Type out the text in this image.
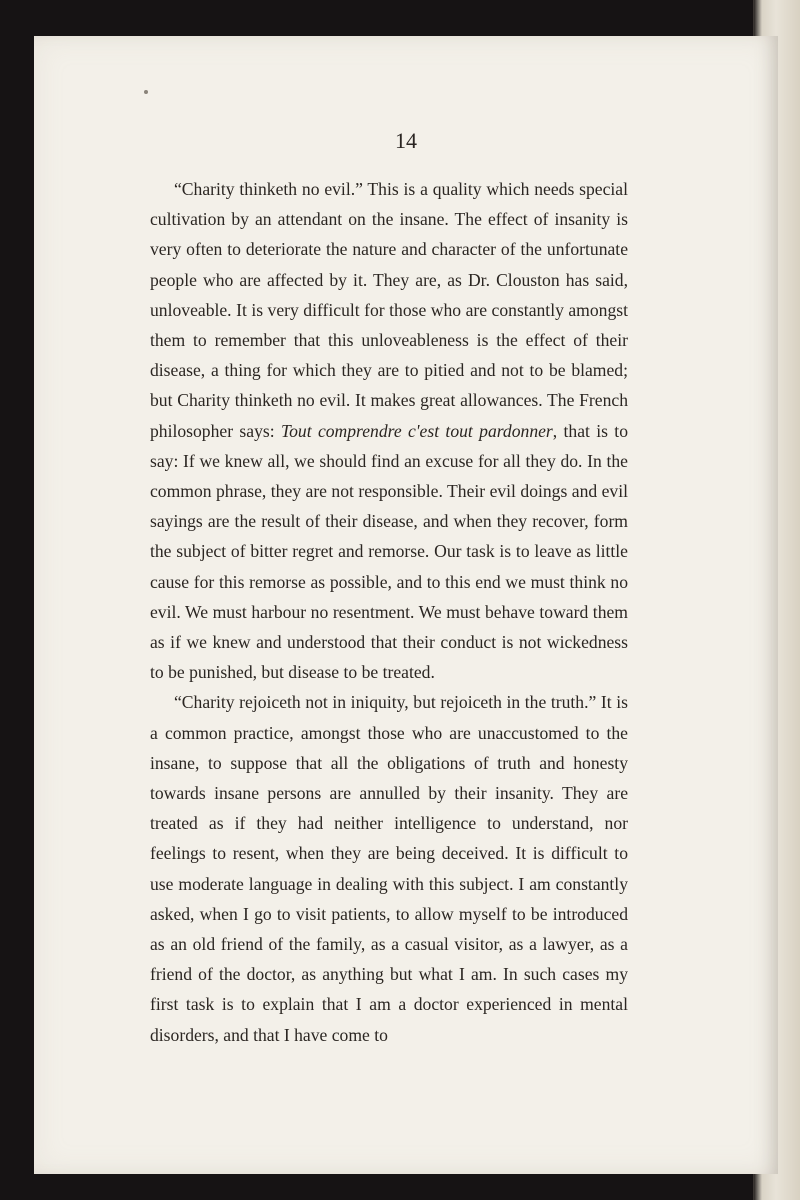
14

“Charity thinketh no evil.” This is a quality which needs special cultivation by an attendant on the insane. The effect of insanity is very often to deteriorate the nature and character of the unfortunate people who are affected by it. They are, as Dr. Clouston has said, unloveable. It is very difficult for those who are constantly amongst them to remember that this unloveableness is the effect of their disease, a thing for which they are to pitied and not to be blamed; but Charity thinketh no evil. It makes great allowances. The French philosopher says: Tout comprendre c'est tout pardonner, that is to say: If we knew all, we should find an excuse for all they do. In the common phrase, they are not responsible. Their evil doings and evil sayings are the result of their disease, and when they recover, form the subject of bitter regret and remorse. Our task is to leave as little cause for this remorse as possible, and to this end we must think no evil. We must harbour no resentment. We must behave toward them as if we knew and understood that their conduct is not wickedness to be punished, but disease to be treated.

“Charity rejoiceth not in iniquity, but rejoiceth in the truth.” It is a common practice, amongst those who are unaccustomed to the insane, to suppose that all the obligations of truth and honesty towards insane persons are annulled by their insanity. They are treated as if they had neither intelligence to understand, nor feelings to resent, when they are being deceived. It is difficult to use moderate language in dealing with this subject. I am constantly asked, when I go to visit patients, to allow myself to be introduced as an old friend of the family, as a casual visitor, as a lawyer, as a friend of the doctor, as anything but what I am. In such cases my first task is to explain that I am a doctor experienced in mental disorders, and that I have come to
